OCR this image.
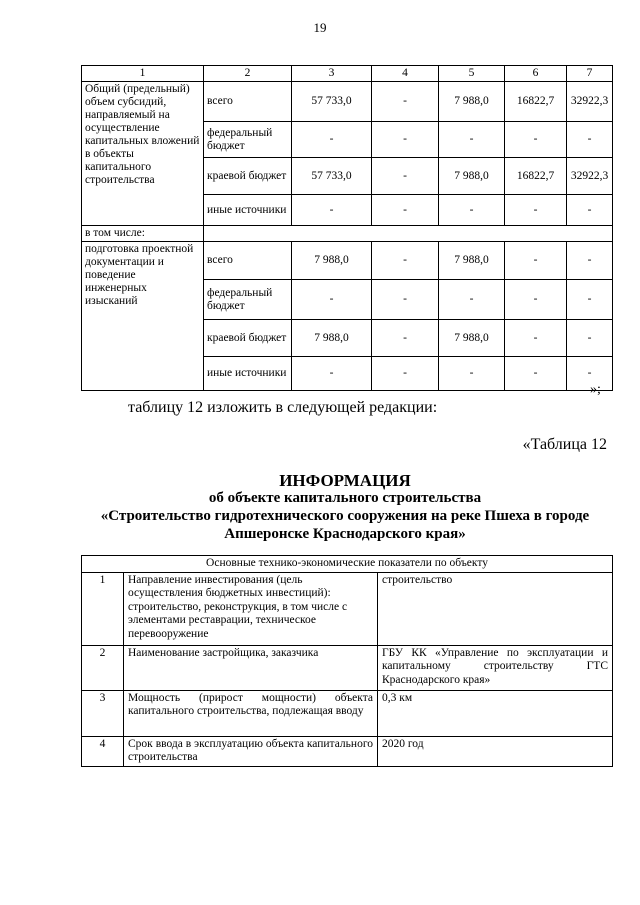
19
1	2	3	4	5	6	7
Общий (предельный) объем субсидий, направляемый на осуществление капитальных вложений в объекты капитального строительства	всего	57 733,0	-	7 988,0	16822,7	32922,3
	федеральный бюджет	-	-	-	-	-
	краевой бюджет	57 733,0	-	7 988,0	16822,7	32922,3
	иные источники	-	-	-	-	-
в том числе:						
подготовка проектной документации и поведение инженерных изысканий	всего	7 988,0	-	7 988,0	-	-
	федеральный бюджет	-	-	-	-	-
	краевой бюджет	7 988,0	-	7 988,0	-	-
	иные источники	-	-	-	-	-
»;
таблицу 12 изложить в следующей редакции:
«Таблица 12
ИНФОРМАЦИЯ
об объекте капитального строительства
«Строительство гидротехнического сооружения на реке Пшеха в городе
Апшеронске Краснодарского края»
Основные технико-экономические показатели по объекту		
1	Направление инвестирования (цель осуществления бюджетных инвестиций): строительство, реконструкция, в том числе с элементами реставрации, техническое перевооружение	строительство
2	Наименование застройщика, заказчика	ГБУ КК «Управление по эксплуатации и капитальному строительству ГТС Краснодарского края»
3	Мощность (прирост мощности) объекта капитального строительства, подлежащая вводу	0,3 км
4	Срок ввода в эксплуатацию объекта капитального строительства	2020 год
